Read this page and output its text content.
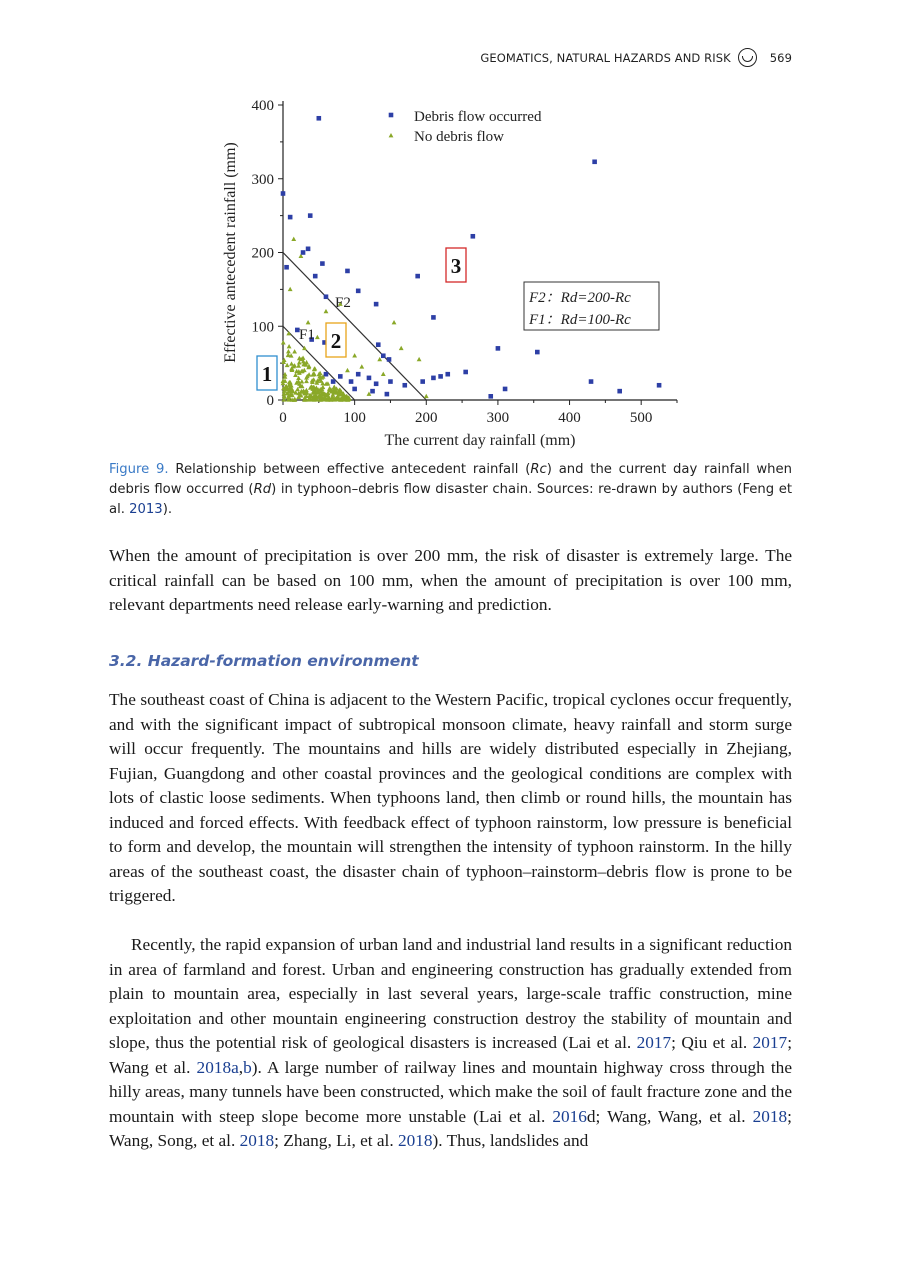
GEOMATICS, NATURAL HAZARDS AND RISK	569
0	100	200	300	400	500
0
100
200
300
400
The current day rainfall (mm)
Effective antecedent rainfall (mm)
Debris flow occurred
No debris flow
F2
F1
F2：Rd=200-Rc
F1：Rd=100-Rc
1
2
3
Figure 9. Relationship between effective antecedent rainfall (Rc) and the current day rainfall when debris flow occurred (Rd) in typhoon–debris flow disaster chain. Sources: re-drawn by authors (Feng et al. 2013).

When the amount of precipitation is over 200 mm, the risk of disaster is extremely large. The critical rainfall can be based on 100 mm, when the amount of precipitation is over 100 mm, relevant departments need release early-warning and prediction.

3.2. Hazard-formation environment

The southeast coast of China is adjacent to the Western Pacific, tropical cyclones occur frequently, and with the significant impact of subtropical monsoon climate, heavy rainfall and storm surge will occur frequently. The mountains and hills are widely distributed especially in Zhejiang, Fujian, Guangdong and other coastal provinces and the geological conditions are complex with lots of clastic loose sediments. When typhoons land, then climb or round hills, the mountain has induced and forced effects. With feedback effect of typhoon rainstorm, low pressure is beneficial to form and develop, the mountain will strengthen the intensity of typhoon rainstorm. In the hilly areas of the southeast coast, the disaster chain of typhoon–rainstorm–debris flow is prone to be triggered.

Recently, the rapid expansion of urban land and industrial land results in a significant reduction in area of farmland and forest. Urban and engineering construction has gradually extended from plain to mountain area, especially in last several years, large-scale traffic construction, mine exploitation and other mountain engineering construction destroy the stability of mountain and slope, thus the potential risk of geological disasters is increased (Lai et al. 2017; Qiu et al. 2017; Wang et al. 2018a,b). A large number of railway lines and mountain highway cross through the hilly areas, many tunnels have been constructed, which make the soil of fault fracture zone and the mountain with steep slope become more unstable (Lai et al. 2016d; Wang, Wang, et al. 2018; Wang, Song, et al. 2018; Zhang, Li, et al. 2018). Thus, landslides and
